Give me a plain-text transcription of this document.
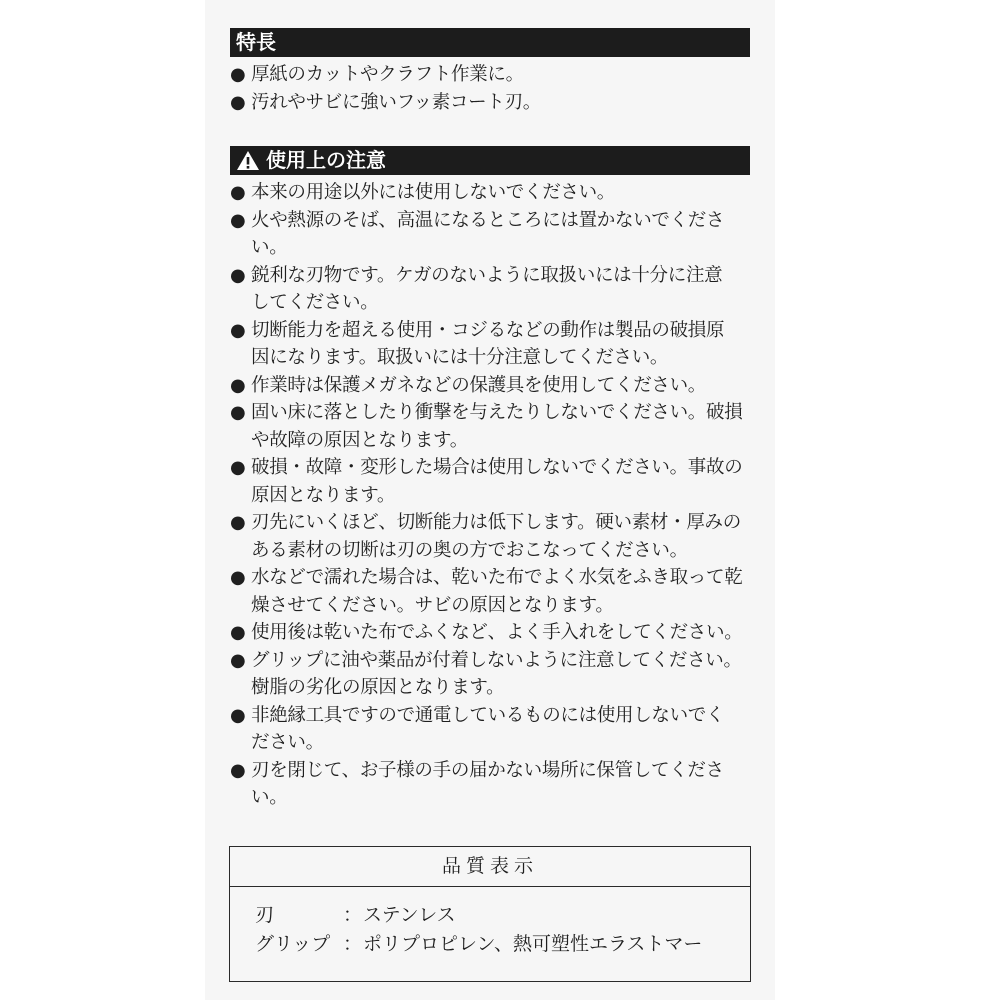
特長
● 厚紙のカットやクラフト作業に。
● 汚れやサビに強いフッ素コート刃。
使用上の注意
● 本来の用途以外には使用しないでください。
● 火や熱源のそば、高温になるところには置かないでください。
● 鋭利な刃物です。ケガのないように取扱いには十分に注意
してください。
● 切断能力を超える使用・コジるなどの動作は製品の破損原
因になります。取扱いには十分注意してください。
● 作業時は保護メガネなどの保護具を使用してください。
● 固い床に落としたり衝撃を与えたりしないでください。破損
や故障の原因となります。
● 破損・故障・変形した場合は使用しないでください。事故の
原因となります。
● 刃先にいくほど、切断能力は低下します。硬い素材・厚みの
ある素材の切断は刃の奥の方でおこなってください。
● 水などで濡れた場合は、乾いた布でよく水気をふき取って乾
燥させてください。サビの原因となります。
● 使用後は乾いた布でふくなど、よく手入れをしてください。
● グリップに油や薬品が付着しないように注意してください。
樹脂の劣化の原因となります。
● 非絶縁工具ですので通電しているものには使用しないでく
ださい。
● 刃を閉じて、お子様の手の届かない場所に保管してください。
品質表示
刃	： ステンレス
グリップ ： ポリプロピレン、熱可塑性エラストマー
